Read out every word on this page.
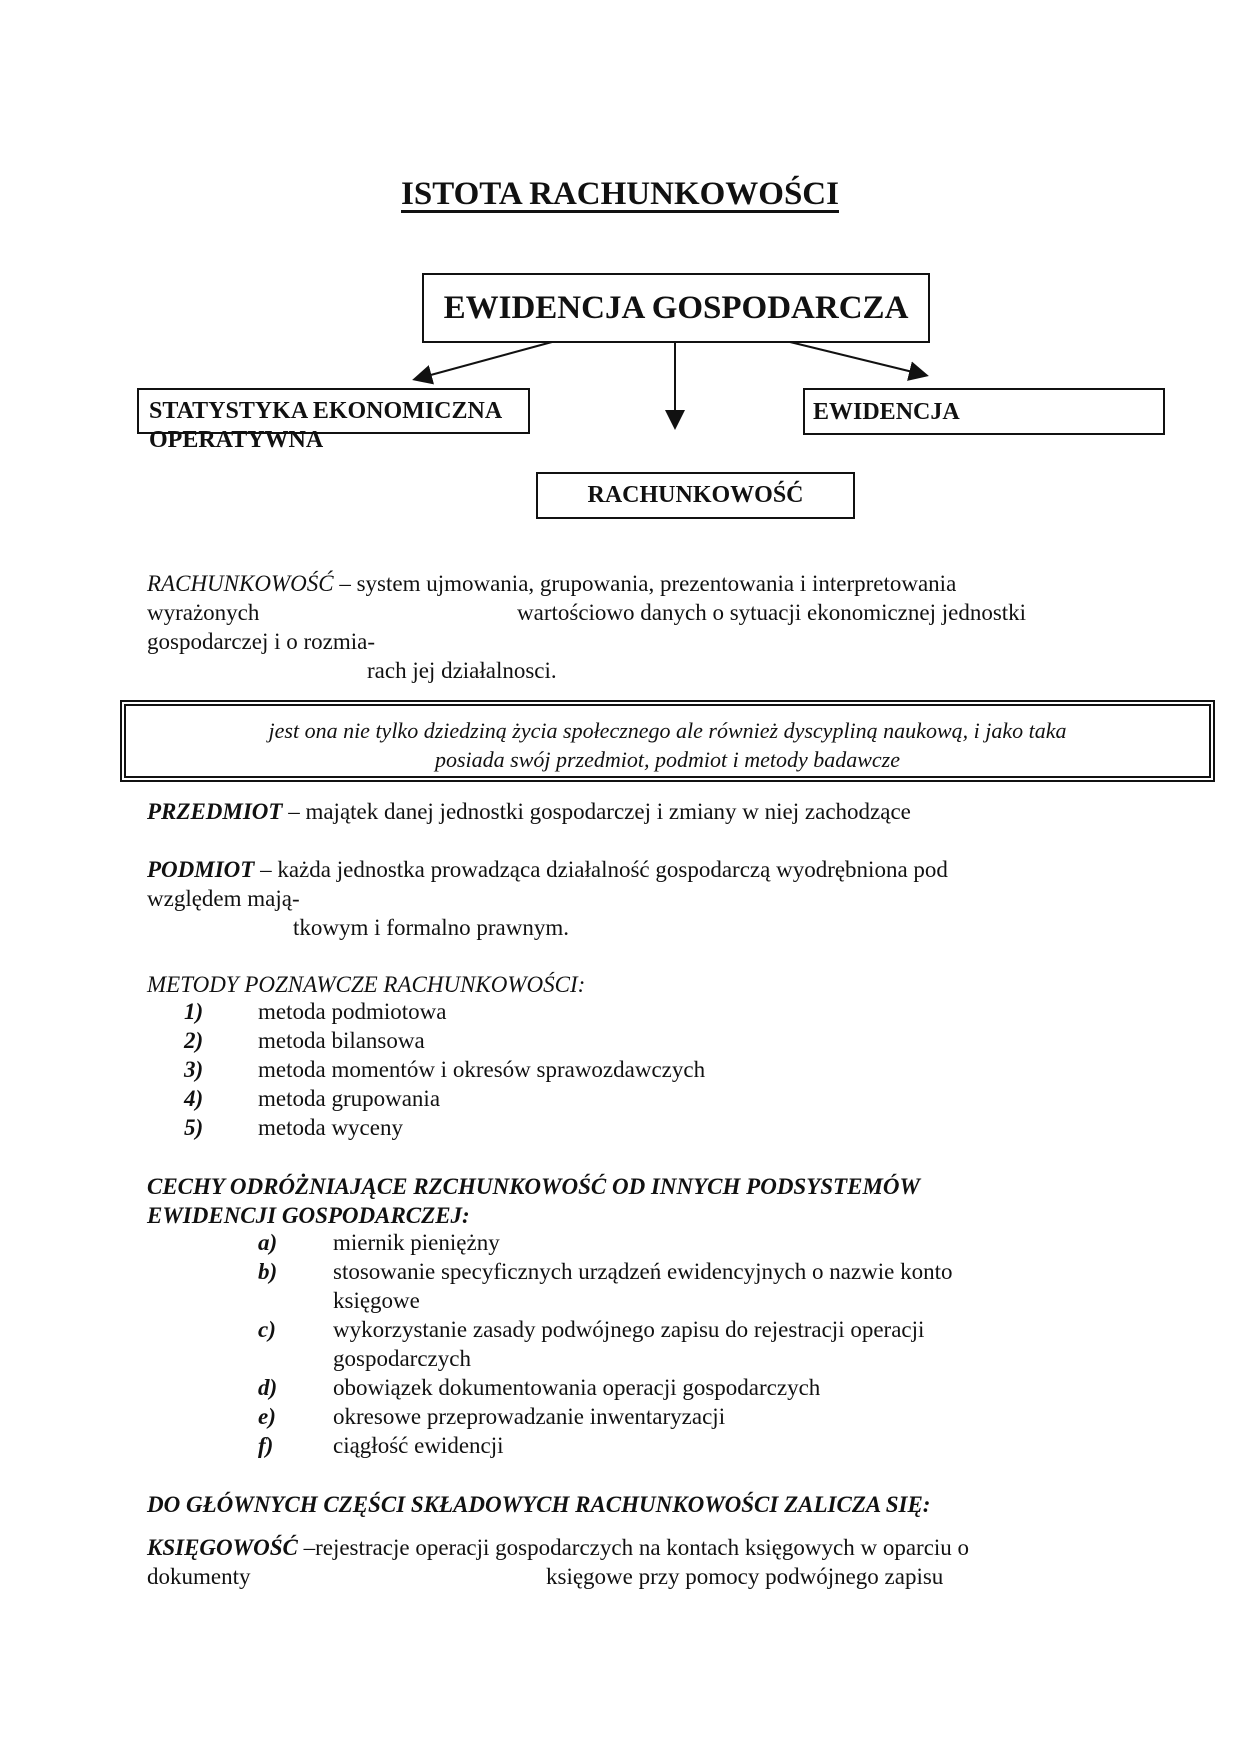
ISTOTA RACHUNKOWOŚCI
EWIDENCJA GOSPODARCZA
STATYSTYKA EKONOMICZNA
OPERATYWNA
EWIDENCJA
RACHUNKOWOŚĆ
RACHUNKOWOŚĆ – system ujmowania, grupowania, prezentowania i interpretowania
wyrażonych	wartościowo danych o sytuacji ekonomicznej jednostki
gospodarczej i o rozmia-
rach jej działalnosci.
jest ona nie tylko dziedziną życia społecznego ale również dyscypliną naukową, i jako taka
posiada swój przedmiot, podmiot i metody badawcze
PRZEDMIOT – majątek danej jednostki gospodarczej i zmiany w niej zachodzące
PODMIOT – każda jednostka prowadząca działalność gospodarczą wyodrębniona pod
względem mają-
tkowym i formalno prawnym.
METODY POZNAWCZE RACHUNKOWOŚCI:
1) metoda podmiotowa
2) metoda bilansowa
3) metoda momentów i okresów sprawozdawczych
4) metoda grupowania
5) metoda wyceny
CECHY ODRÓŻNIAJĄCE RZCHUNKOWOŚĆ OD INNYCH PODSYSTEMÓW
EWIDENCJI GOSPODARCZEJ:
a) miernik pieniężny
b) stosowanie specyficznych urządzeń ewidencyjnych o nazwie konto
księgowe
c) wykorzystanie zasady podwójnego zapisu do rejestracji operacji
gospodarczych
d) obowiązek dokumentowania operacji gospodarczych
e) okresowe przeprowadzanie inwentaryzacji
f)	ciągłość ewidencji
DO GŁÓWNYCH CZĘŚCI SKŁADOWYCH RACHUNKOWOŚCI ZALICZA SIĘ:
KSIĘGOWOŚĆ –rejestracje operacji gospodarczych na kontach księgowych w oparciu o
dokumenty	księgowe przy pomocy podwójnego zapisu
